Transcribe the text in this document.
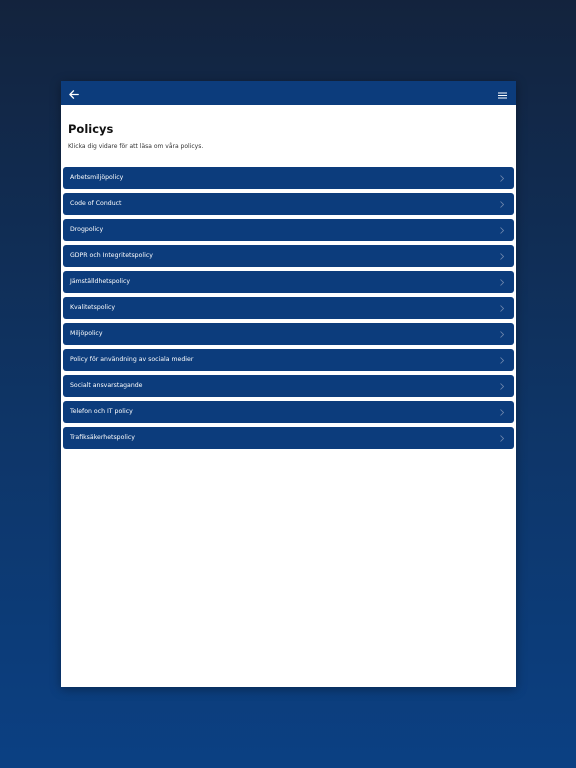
Policys
Klicka dig vidare för att läsa om våra policys.
Arbetsmiljöpolicy
Code of Conduct
Drogpolicy
GDPR och Integritetspolicy
Jämställdhetspolicy
Kvalitetspolicy
Miljöpolicy
Policy för användning av sociala medier
Socialt ansvarstagande
Telefon och IT policy
Trafiksäkerhetspolicy
